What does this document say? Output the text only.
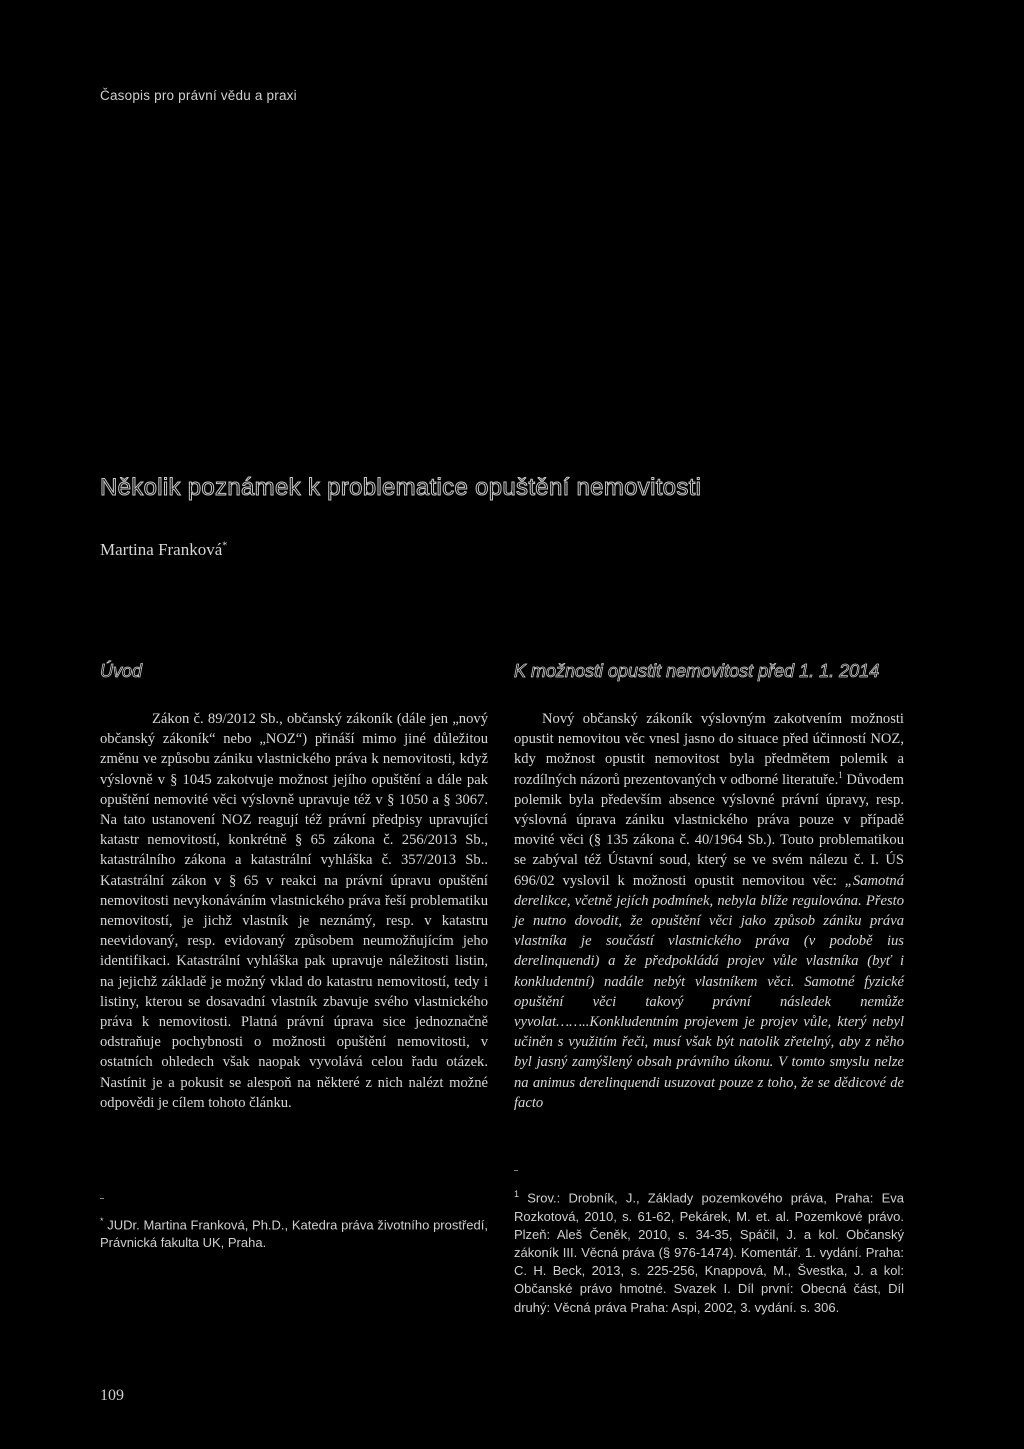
Časopis pro právní vědu a praxi
Několik poznámek k problematice opuštění nemovitosti
Martina Franková*
Úvod	K možnosti opustit nemovitost před 1. 1. 2014

Zákon č. 89/2012 Sb., občanský zákoník (dále jen „nový občanský zákoník“ nebo „NOZ“) přináší mimo jiné důležitou změnu ve způsobu zániku vlastnického práva k nemovitosti, když výslovně v § 1045 zakotvuje možnost jejího opuštění a dále pak opuštění nemovité věci výslovně upravuje též v § 1050 a § 3067. Na tato ustanovení NOZ reagují též právní předpisy upravující katastr nemovitostí, konkrétně § 65 zákona č. 256/2013 Sb., katastrálního zákona a katastrální vyhláška č. 357/2013 Sb.. Katastrální zákon v § 65 v reakci na právní úpravu opuštění nemovitosti nevykonáváním vlastnického práva řeší problematiku nemovitostí, je jichž vlastník je neznámý, resp. v katastru neevidovaný, resp. evidovaný způsobem neumožňujícím jeho identifikaci. Katastrální vyhláška pak upravuje náležitosti listin, na jejichž základě je možný vklad do katastru nemovitostí, tedy i listiny, kterou se dosavadní vlastník zbavuje svého vlastnického práva k nemovitosti. Platná právní úprava sice jednoznačně odstraňuje pochybnosti o možnosti opuštění nemovitosti, v ostatních ohledech však naopak vyvolává celou řadu otázek. Nastínit je a pokusit se alespoň na některé z nich nalézt možné odpovědi je cílem tohoto článku.

Nový občanský zákoník výslovným zakotvením možnosti opustit nemovitou věc vnesl jasno do situace před účinností NOZ, kdy možnost opustit nemovitost byla předmětem polemik a rozdílných názorů prezentovaných v odborné literatuře.$^1$ Důvodem polemik byla především absence výslovné právní úpravy, resp. výslovná úprava zániku vlastnického práva pouze v případě movité věci (§ 135 zákona č. 40/1964 Sb.). Touto problematikou se zabýval též Ústavní soud, který se ve svém nálezu č. I. ÚS 696/02 vyslovil k možnosti opustit nemovitou věc: „Samotná derelikce, včetně jejích podmínek, nebyla blíže regulována. Přesto je nutno dovodit, že opuštění věci jako způsob zániku práva vlastníka je součástí vlastnického práva (v podobě ius derelinquendi) a že předpokládá projev vůle vlastníka (byť i konkludentní) nadále nebýt vlastníkem věci. Samotné fyzické opuštění věci takový právní následek nemůže vyvolat……..Konkludentním projevem je projev vůle, který nebyl učiněn s využitím řeči, musí však být natolik zřetelný, aby z něho byl jasný zamýšlený obsah právního úkonu. V tomto smyslu nelze na animus derelinquendi usuzovat pouze z toho, že se dědicové de facto

* JUDr. Martina Franková, Ph.D., Katedra práva životního prostředí, Právnická fakulta UK, Praha.
$^1$ Srov.: Drobník, J., Základy pozemkového práva, Praha: Eva Rozkotová, 2010, s. 61-62, Pekárek, M. et. al. Pozemkové právo. Plzeň: Aleš Čeněk, 2010, s. 34-35, Spáčil, J. a kol. Občanský zákoník III. Věcná práva (§ 976-1474). Komentář. 1. vydání. Praha: C. H. Beck, 2013, s. 225-256, Knappová, M., Švestka, J. a kol: Občanské právo hmotné. Svazek I. Díl první: Obecná část, Díl druhý: Věcná práva Praha: Aspi, 2002, 3. vydání. s. 306.
109
